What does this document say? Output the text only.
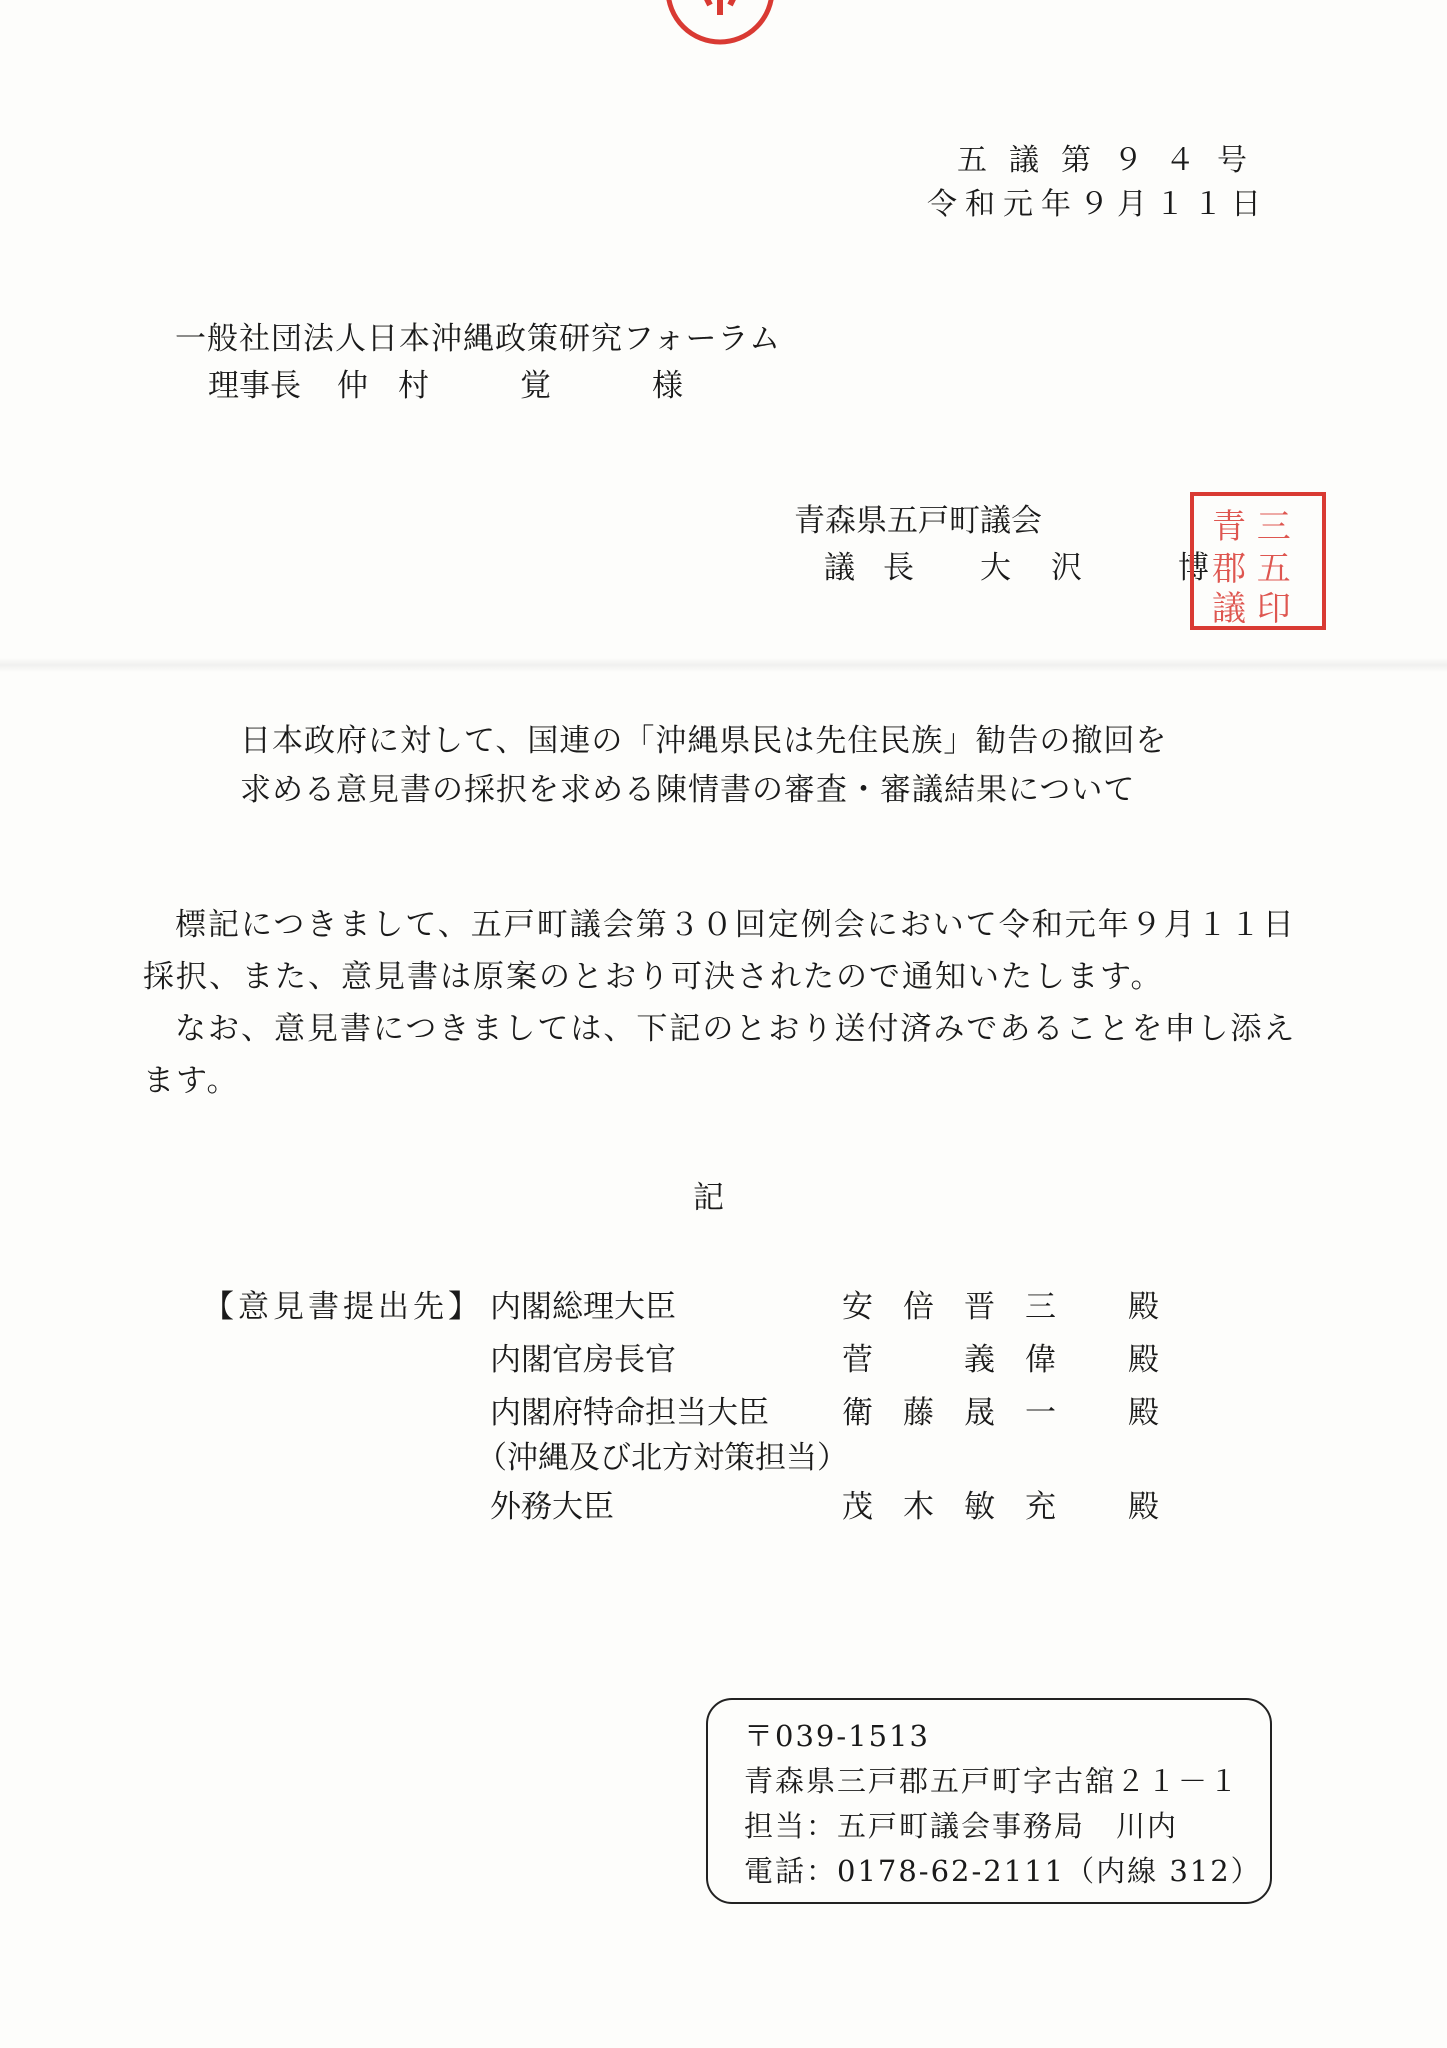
五議第９４号
令和元年９月１１日
一般社団法人日本沖縄政策研究フォーラム
理事長 仲村　覚 様
青森県五戸町議会
議長 大沢 博
青 三
郡 五
議 印
日本政府に対して、国連の「沖縄県民は先住民族」勧告の撤回を
求める意見書の採択を求める陳情書の審査・審議結果について
標記につきまして、五戸町議会第３０回定例会において令和元年９月１１日
採択、また、意見書は原案のとおり可決されたので通知いたします。
なお、意見書につきましては、下記のとおり送付済みであることを申し添え
ます。
記
【意見書提出先】 内閣総理大臣	安倍晋三 殿
内閣官房長官	菅　義偉 殿
内閣府特命担当大臣 衛藤晟一 殿
（沖縄及び北方対策担当）
外務大臣	茂木敏充 殿
〒039-1513
青森県三戸郡五戸町字古舘２１－１
担当：五戸町議会事務局　川内
電話：0178-62-2111（内線 312）
